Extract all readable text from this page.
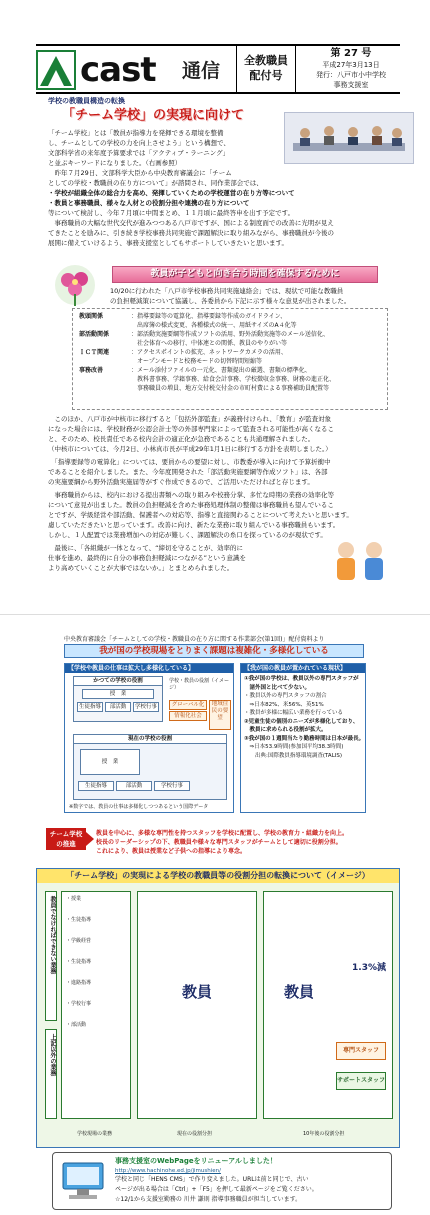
cast 通信	全教職員
配付号
第 27 号
平成27年3月13日
発行：八戸市小中学校
事務支援室
学校の教職員構造の転換
「チーム学校」の実現に向けて

「チーム学校」とは「教員が指導力を発揮できる環境を整備

し、チームとしての学校の力を向上させよう」という構想で、

文部科学省の来年度予算要求では「アクティブ・ラーニング」

と並ぶキーワードになりました。（右画参照）

　昨年７月29日、文部科学大臣から中央教育審議会に「チーム

としての学校・教職員の在り方について」が諮問され、同作業部会では、

・学校が組織全体の総合力を高め、発揮していくための学校運営の在り方等について

・教員と事務職員、様々な人材との役割分担や連携の在り方について

等について検討し、今年７月頃に中間まとめ、１１月頃に最終答申を出す予定です。

　事務職員の大幅な世代交代が進みつつある八戸市ですが、国による制度面での改善に光明が見え

てきたことを励みに、引き続き学校事務共同実施で課題解決に取り組みながら、事務職員が今後の

展開に備えていけるよう、事務支援室としてもサポートしていきたいと思います。

教員が子どもと向き合う時間を確保するために

10/20に行われた「八戸市学校事務共同実施連絡会」では、現状で可能な教職員

の負担軽減策について協議し、各委員から下記に示す様々な意見が出されました。

教頭関係	：指導要録等の電算化、指導要録等作成のガイドライン、
　出席簿の様式変更、各種様式の統一、用紙サイズのA４化等
部活動関係	：部活動実施要綱等作成ソフトの活用、野外活動実施等のメール送信化、
　社会体育への移行、中体連との関係、教員のやりがい等
ＩＣＴ関連	：アクセスポイントの拡充、ネットワークカメラの活用、
　オープンモードと校務モードの切替時間短縮等
事務改善	：メール添付ファイルの一元化、書類提出の厳選、書類の標準化、
　教科書事務、学籍事務、給食会計事務、学校徴収金事務、財務の進正化、
　事務職員の増員、地方交付税交付金の市町村費による事務補助員配置等

　このほか、八戸市が中核市に移行すると「包括外部監査」が義務付けられ、「教育」が監査対象

になった場合には、学校財務が公認会計士等の外部専門家によって監査される可能性が高くなるこ

と、そのため、校長責任である校内会計の適正化が急務であることも共通理解されました。

（中核市については、今月2日、小林真市長が平成29年1月1日に移行する方針を表明しました。）

　「指導要録等の電算化」については、要員からの要望に対し、市教委が導入に向けて予算折衝中

であることを紹介しました。また、今年度開発された「部活動実施要綱等作成ソフト」は、各部

の実施要綱から野外活動実施届等がすぐ作成できるので、ご活用いただければと存じます。

　事務職員からは、校内における提出書類への取り組みや校務分掌、多忙な時期の業務の効率化等

について意見が出ました。教員の負担軽減を含めた事務処理体制の整備は事務職員も望んでいるこ

とですが、学級経営や部活動、保護者への対応等、指導と直接関わることについて考えたいと思います。

慮していただきたいと思っています。改善に向け、新たな業務に取り組んでいる事務職員もいます。

しかし、１人配置では業務増加への対応が難しく、課題解決の糸口を探っているのが現状です。

　最後に、「各組織が一体となって、“締切を守ることが、効率的に

仕事を進め、最終的に自分の事務負担軽減につながる”という意識を

より高めていくことが大事ではないか。」とまとめられました。

中央教育審議会「チームとしての学校・教職員の在り方に関する作業部会(第1回)」配付資料より
我が国の学校現場をとりまく課題は複雑化・多様化している
【学校や教員の仕事は拡大し多様化している】
かつての学校の役割
授　業
生徒指導	部活動	学校行事
学校・教員の役割（イメージ）
グローバル化
情報化社会
地域住民の要望
現在の学校の役割
授　業
生徒指導	部活動	学校行事
※数字では、教員の仕事は多様化しつつあるという国際データ
【我が国の教員が置かれている現状】
①我が国の学校は、教員以外の専門スタッフが
　諸外国と比べて少ない。
・教員以外の専門スタッフの割合
　⇒日本82%、米56%、英51%
・教員が多様に幅広い業務を行っている
②児童生徒の個別のニーズが多様化しており、
　教員に求められる役割が拡大。
③我が国の１週間当たり勤務時間は日本が最長。
　⇒日本53.9時間(参加国平均38.3時間)
　　出典:国際教員指導環境調査(TALIS)
チーム学校
の推進
教員を中心に、多様な専門性を持つスタッフを学校に配置し、学校の教育力・組織力を向上。
校長のリーダーシップの下、教職員や様々な専門スタッフがチームとして適切に役割分担。
これにより、教員は授業など子供への指導により専念。
「チーム学校」の実現による学校の教職員等の役割分担の転換について（イメージ）
教員でなければできない業務
上記以外の業務
・授業
・生徒指導
・学級経営
・生徒指導
・進路指導
・学校行事
・部活動
教員	教員
1.3%減
専門スタッフ
サポートスタッフ
学校現場の業務	現在の役割分担	10年後の役割分担
事務支援室のWebPageをリニューアルしました！
http://www.hachinohe.ed.jp/jimushien/
学校と同じ「HENS CMS」で作り変えました。URLは前と同じで、古い
ページが出る場合は「Ctrl」+「F5」を押して最新ページをご覧ください。
☆12/1から支援室勤務の 川井 謙則 指導事務職員が担当しています。
